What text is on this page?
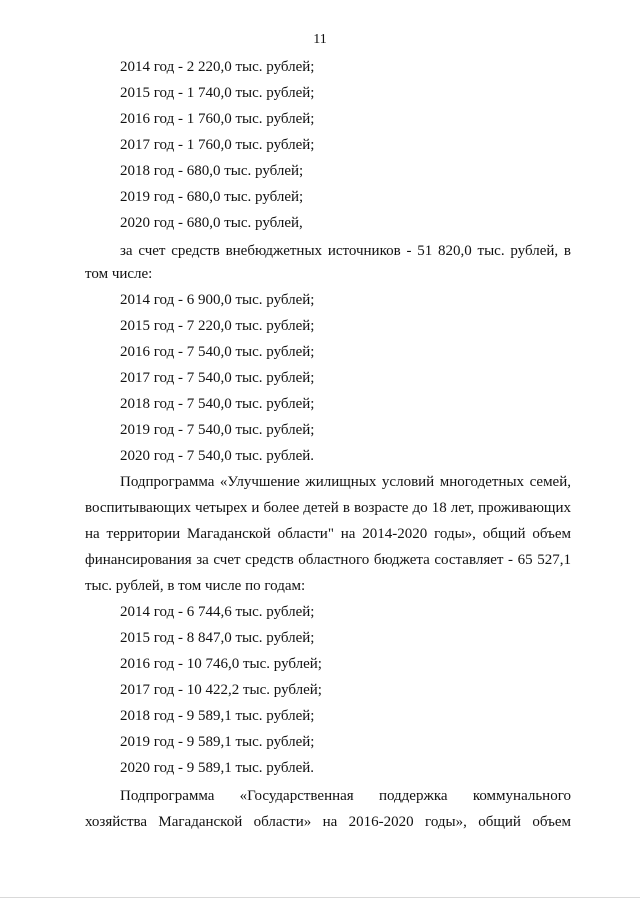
11
2014 год - 2 220,0 тыс. рублей;
2015 год - 1 740,0 тыс. рублей;
2016 год - 1 760,0 тыс. рублей;
2017 год - 1 760,0 тыс. рублей;
2018 год - 680,0 тыс. рублей;
2019 год - 680,0 тыс. рублей;
2020 год - 680,0 тыс. рублей,
за счет средств внебюджетных источников - 51 820,0 тыс. рублей, в
том числе:
2014 год - 6 900,0 тыс. рублей;
2015 год - 7 220,0 тыс. рублей;
2016 год - 7 540,0 тыс. рублей;
2017 год - 7 540,0 тыс. рублей;
2018 год - 7 540,0 тыс. рублей;
2019 год - 7 540,0 тыс. рублей;
2020 год - 7 540,0 тыс. рублей.
Подпрограмма «Улучшение жилищных условий многодетных семей,
воспитывающих четырех и более детей в возрасте до 18 лет, проживающих
на территории Магаданской области" на 2014-2020 годы», общий объем
финансирования за счет средств областного бюджета составляет - 65 527,1
тыс. рублей, в том числе по годам:
2014 год - 6 744,6 тыс. рублей;
2015 год - 8 847,0 тыс. рублей;
2016 год - 10 746,0 тыс. рублей;
2017 год - 10 422,2 тыс. рублей;
2018 год - 9 589,1 тыс. рублей;
2019 год - 9 589,1 тыс. рублей;
2020 год - 9 589,1 тыс. рублей.
Подпрограмма «Государственная поддержка коммунального
хозяйства Магаданской области» на 2016-2020 годы», общий объем
